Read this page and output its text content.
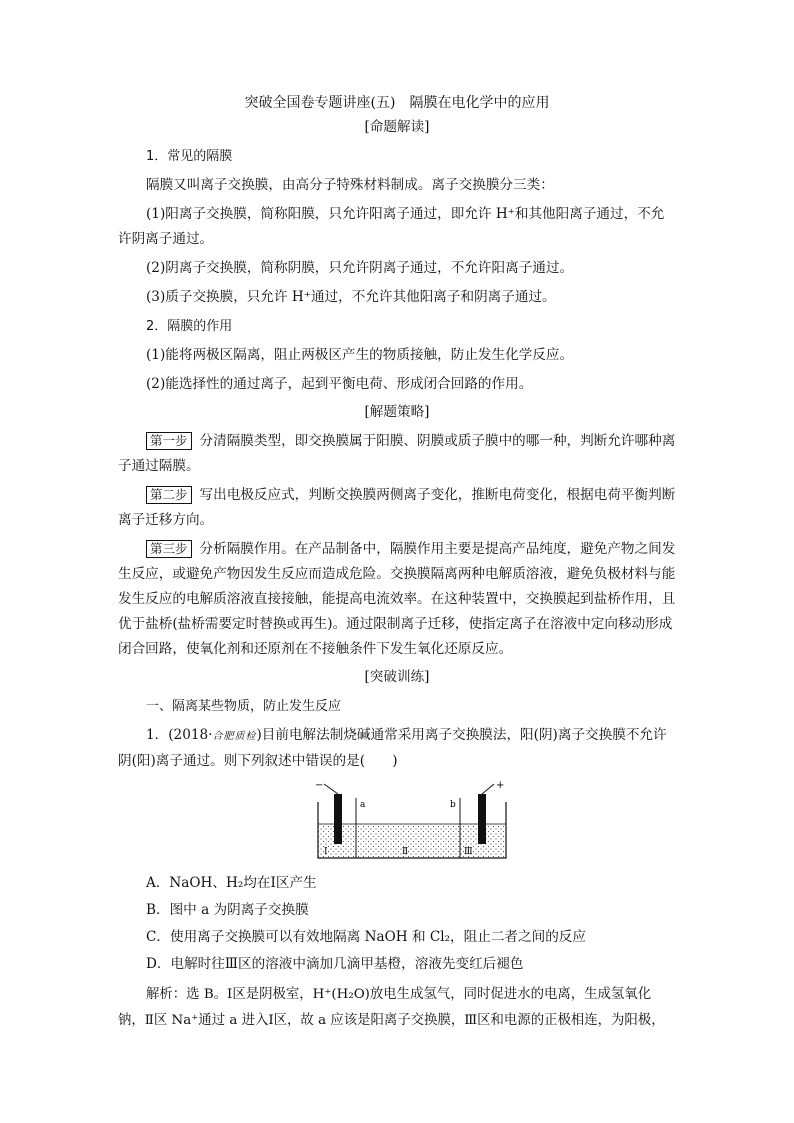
突破全国卷专题讲座(五)　隔膜在电化学中的应用
[命题解读]

1．常见的隔膜

隔膜又叫离子交换膜，由高分子特殊材料制成。离子交换膜分三类：

(1)阳离子交换膜，简称阳膜，只允许阳离子通过，即允许 H⁺和其他阳离子通过，不允许阴离子通过。

(2)阴离子交换膜，简称阴膜，只允许阴离子通过，不允许阳离子通过。

(3)质子交换膜，只允许 H⁺通过，不允许其他阳离子和阴离子通过。

2．隔膜的作用

(1)能将两极区隔离，阻止两极区产生的物质接触，防止发生化学反应。

(2)能选择性的通过离子，起到平衡电荷、形成闭合回路的作用。

[解题策略]

第一步 分清隔膜类型，即交换膜属于阳膜、阴膜或质子膜中的哪一种，判断允许哪种离子通过隔膜。

第二步 写出电极反应式，判断交换膜两侧离子变化，推断电荷变化，根据电荷平衡判断离子迁移方向。

第三步 分析隔膜作用。在产品制备中，隔膜作用主要是提高产品纯度，避免产物之间发生反应，或避免产物因发生反应而造成危险。交换膜隔离两种电解质溶液，避免负极材料与能发生反应的电解质溶液直接接触，能提高电流效率。在这种装置中，交换膜起到盐桥作用，且优于盐桥(盐桥需要定时替换或再生)。通过限制离子迁移，使指定离子在溶液中定向移动形成闭合回路，使氧化剂和还原剂在不接触条件下发生氧化还原反应。

[突破训练]

一、隔离某些物质，防止发生反应

1．(2018·合肥质检)目前电解法制烧碱通常采用离子交换膜法，阳(阴)离子交换膜不允许阴(阳)离子通过。则下列叙述中错误的是(　　)

−	+
a	b
Ⅰ	Ⅱ	Ⅲ

A．NaOH、H₂均在Ⅰ区产生

B．图中 a 为阴离子交换膜

C．使用离子交换膜可以有效地隔离 NaOH 和 Cl₂，阻止二者之间的反应

D．电解时往Ⅲ区的溶液中滴加几滴甲基橙，溶液先变红后褪色

解析：选 B。Ⅰ区是阴极室，H⁺(H₂O)放电生成氢气，同时促进水的电离，生成氢氧化钠，Ⅱ区 Na⁺通过 a 进入Ⅰ区，故 a 应该是阳离子交换膜，Ⅲ区和电源的正极相连，为阳极，
